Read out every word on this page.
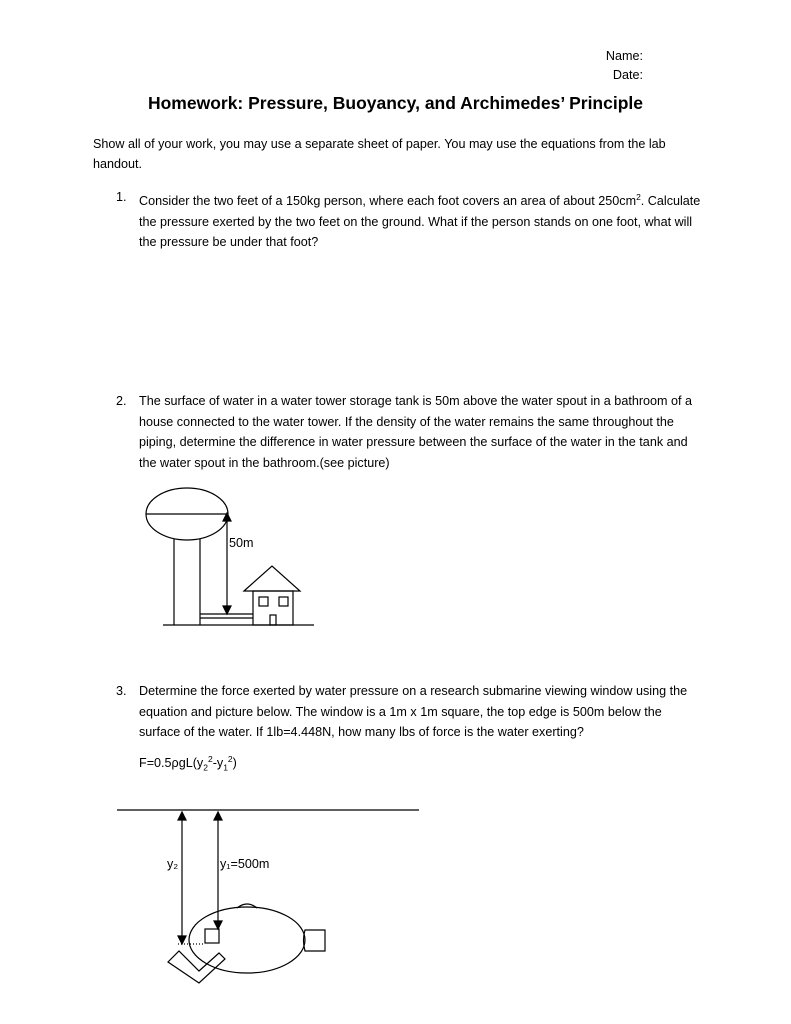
Name:
Date:
Homework: Pressure, Buoyancy, and Archimedes’ Principle
Show all of your work, you may use a separate sheet of paper. You may use the equations from the lab handout.
1. Consider the two feet of a 150kg person, where each foot covers an area of about $250cm^2$. Calculate the pressure exerted by the two feet on the ground. What if the person stands on one foot, what will the pressure be under that foot?
2. The surface of water in a water tower storage tank is 50m above the water spout in a bathroom of a house connected to the water tower. If the density of the water remains the same throughout the piping, determine the difference in water pressure between the surface of the water in the tank and the water spout in the bathroom.(see picture)
3. Determine the force exerted by water pressure on a research submarine viewing window using the equation and picture below. The window is a 1m x 1m square, the top edge is 500m below the surface of the water. If 1lb=4.448N, how many lbs of force is the water exerting?
$F=0.5\rho gL(y_2^2-y_1^2)$
50m
y₂	y₁=500m
